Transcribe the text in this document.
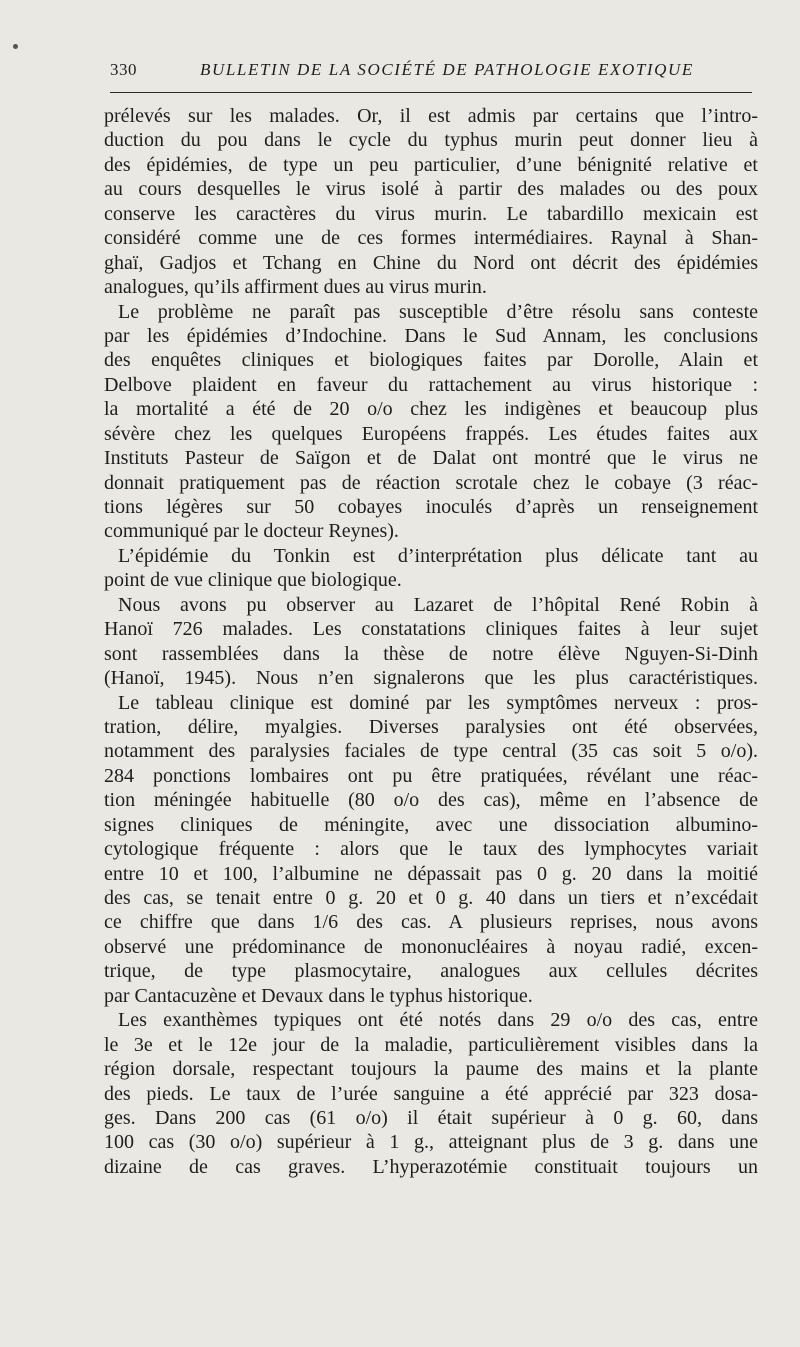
330	BULLETIN DE LA SOCIÉTÉ DE PATHOLOGIE EXOTIQUE
prélevés sur les malades. Or, il est admis par certains que l’intro-
duction du pou dans le cycle du typhus murin peut donner lieu à
des épidémies, de type un peu particulier, d’une bénignité relative et
au cours desquelles le virus isolé à partir des malades ou des poux
conserve les caractères du virus murin. Le tabardillo mexicain est
considéré comme une de ces formes intermédiaires. Raynal à Shan-
ghaï, Gadjos et Tchang en Chine du Nord ont décrit des épidémies
analogues, qu’ils affirment dues au virus murin.
Le problème ne paraît pas susceptible d’être résolu sans conteste
par les épidémies d’Indochine. Dans le Sud Annam, les conclusions
des enquêtes cliniques et biologiques faites par Dorolle, Alain et
Delbove plaident en faveur du rattachement au virus historique :
la mortalité a été de 20 o/o chez les indigènes et beaucoup plus
sévère chez les quelques Européens frappés. Les études faites aux
Instituts Pasteur de Saïgon et de Dalat ont montré que le virus ne
donnait pratiquement pas de réaction scrotale chez le cobaye (3 réac-
tions légères sur 50 cobayes inoculés d’après un renseignement
communiqué par le docteur Reynes).
L’épidémie du Tonkin est d’interprétation plus délicate tant au
point de vue clinique que biologique.
Nous avons pu observer au Lazaret de l’hôpital René Robin à
Hanoï 726 malades. Les constatations cliniques faites à leur sujet
sont rassemblées dans la thèse de notre élève Nguyen-Si-Dinh
(Hanoï, 1945). Nous n’en signalerons que les plus caractéristiques.
Le tableau clinique est dominé par les symptômes nerveux : pros-
tration, délire, myalgies. Diverses paralysies ont été observées,
notamment des paralysies faciales de type central (35 cas soit 5 o/o).
284 ponctions lombaires ont pu être pratiquées, révélant une réac-
tion méningée habituelle (80 o/o des cas), même en l’absence de
signes cliniques de méningite, avec une dissociation albumino-
cytologique fréquente : alors que le taux des lymphocytes variait
entre 10 et 100, l’albumine ne dépassait pas 0 g. 20 dans la moitié
des cas, se tenait entre 0 g. 20 et 0 g. 40 dans un tiers et n’excédait
ce chiffre que dans 1/6 des cas. A plusieurs reprises, nous avons
observé une prédominance de mononucléaires à noyau radié, excen-
trique, de type plasmocytaire, analogues aux cellules décrites
par Cantacuzène et Devaux dans le typhus historique.
Les exanthèmes typiques ont été notés dans 29 o/o des cas, entre
le 3e et le 12e jour de la maladie, particulièrement visibles dans la
région dorsale, respectant toujours la paume des mains et la plante
des pieds. Le taux de l’urée sanguine a été apprécié par 323 dosa-
ges. Dans 200 cas (61 o/o) il était supérieur à 0 g. 60, dans
100 cas (30 o/o) supérieur à 1 g., atteignant plus de 3 g. dans une
dizaine de cas graves. L’hyperazotémie constituait toujours un
